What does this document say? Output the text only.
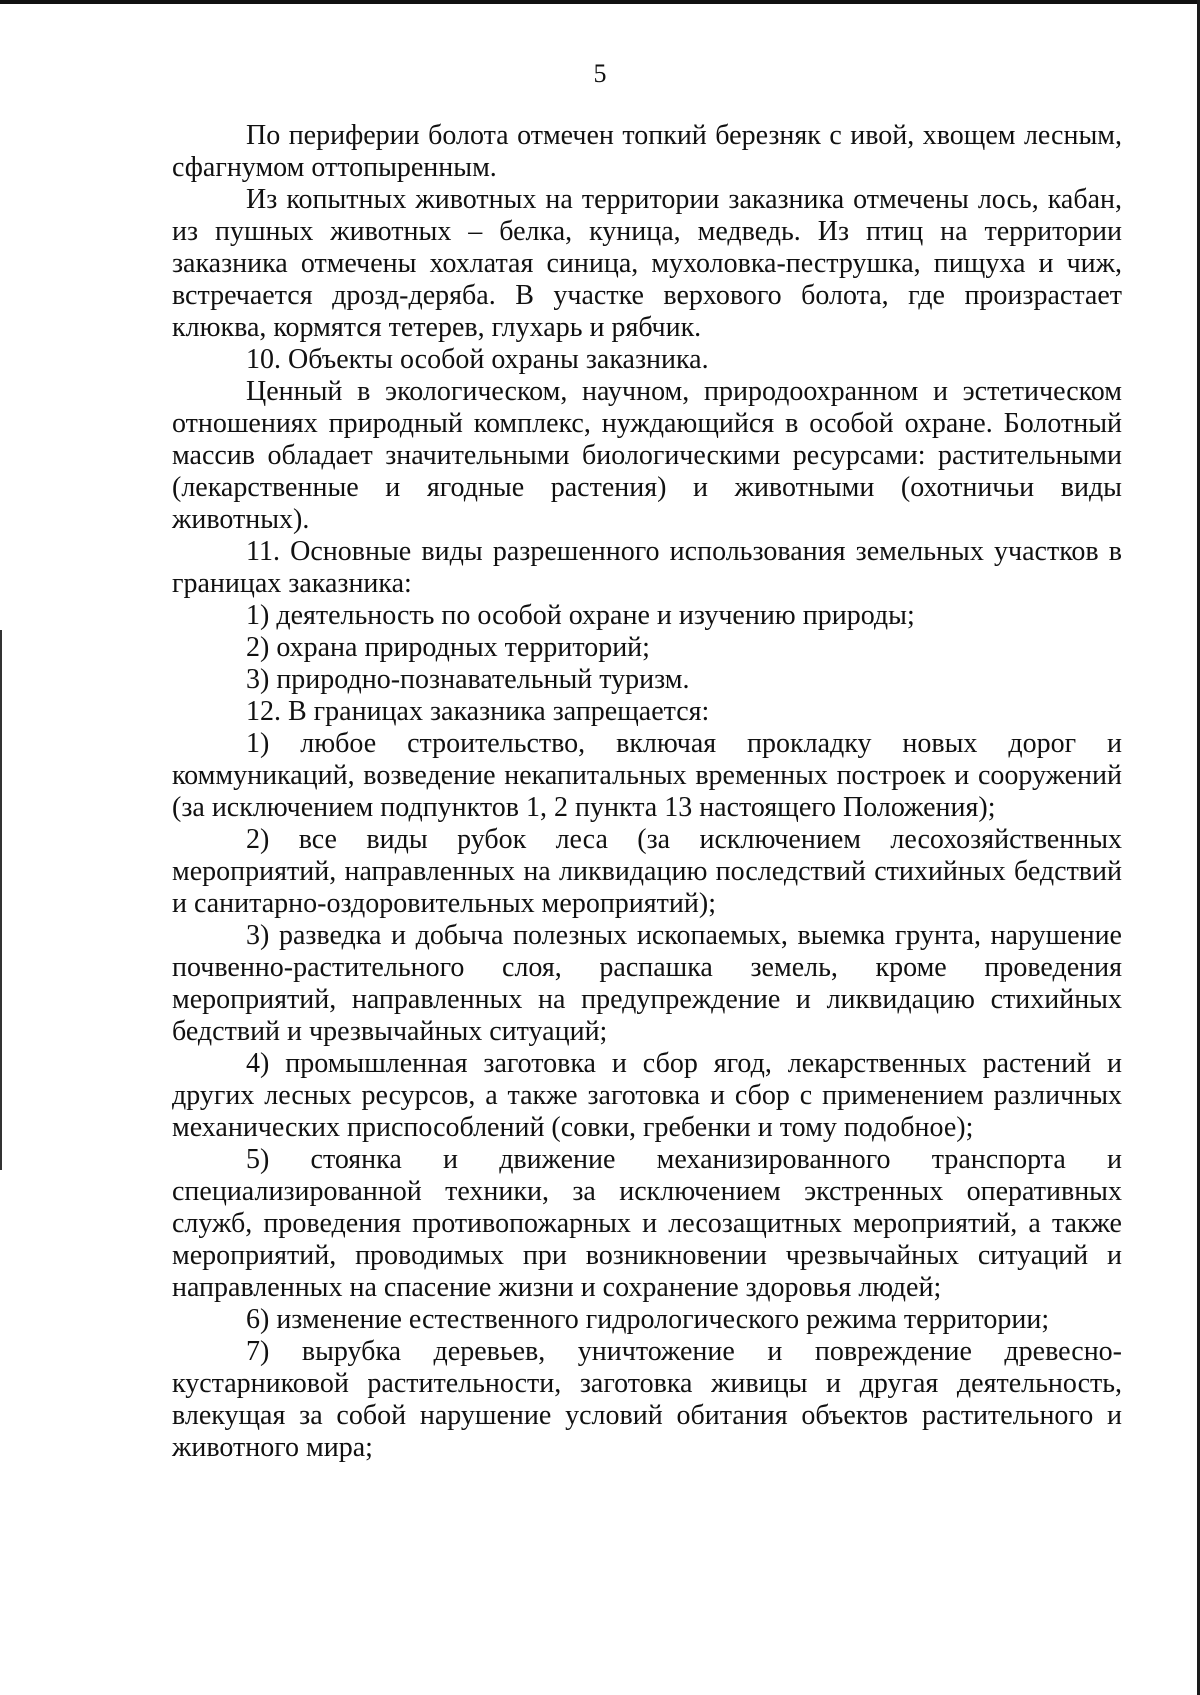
5

По периферии болота отмечен топкий березняк с ивой, хвощем лесным, сфагнумом оттопыренным.

Из копытных животных на территории заказника отмечены лось, кабан, из пушных животных – белка, куница, медведь. Из птиц на территории заказника отмечены хохлатая синица, мухоловка-пеструшка, пищуха и чиж, встречается дрозд-деряба. В участке верхового болота, где произрастает клюква, кормятся тетерев, глухарь и рябчик.

10. Объекты особой охраны заказника.

Ценный в экологическом, научном, природоохранном и эстетическом отношениях природный комплекс, нуждающийся в особой охране. Болотный массив обладает значительными биологическими ресурсами: растительными (лекарственные и ягодные растения) и животными (охотничьи виды животных).

11. Основные виды разрешенного использования земельных участков в границах заказника:

1) деятельность по особой охране и изучению природы;

2) охрана природных территорий;

3) природно-познавательный туризм.

12. В границах заказника запрещается:

1) любое строительство, включая прокладку новых дорог и коммуникаций, возведение некапитальных временных построек и сооружений (за исключением подпунктов 1, 2 пункта 13 настоящего Положения);

2) все виды рубок леса (за исключением лесохозяйственных мероприятий, направленных на ликвидацию последствий стихийных бедствий и санитарно-оздоровительных мероприятий);

3) разведка и добыча полезных ископаемых, выемка грунта, нарушение почвенно-растительного слоя, распашка земель, кроме проведения мероприятий, направленных на предупреждение и ликвидацию стихийных бедствий и чрезвычайных ситуаций;

4) промышленная заготовка и сбор ягод, лекарственных растений и других лесных ресурсов, а также заготовка и сбор с применением различных механических приспособлений (совки, гребенки и тому подобное);

5) стоянка и движение механизированного транспорта и специализированной техники, за исключением экстренных оперативных служб, проведения противопожарных и лесозащитных мероприятий, а также мероприятий, проводимых при возникновении чрезвычайных ситуаций и направленных на спасение жизни и сохранение здоровья людей;

6) изменение естественного гидрологического режима территории;

7) вырубка деревьев, уничтожение и повреждение древесно-кустарниковой растительности, заготовка живицы и другая деятельность, влекущая за собой нарушение условий обитания объектов растительного и животного мира;
